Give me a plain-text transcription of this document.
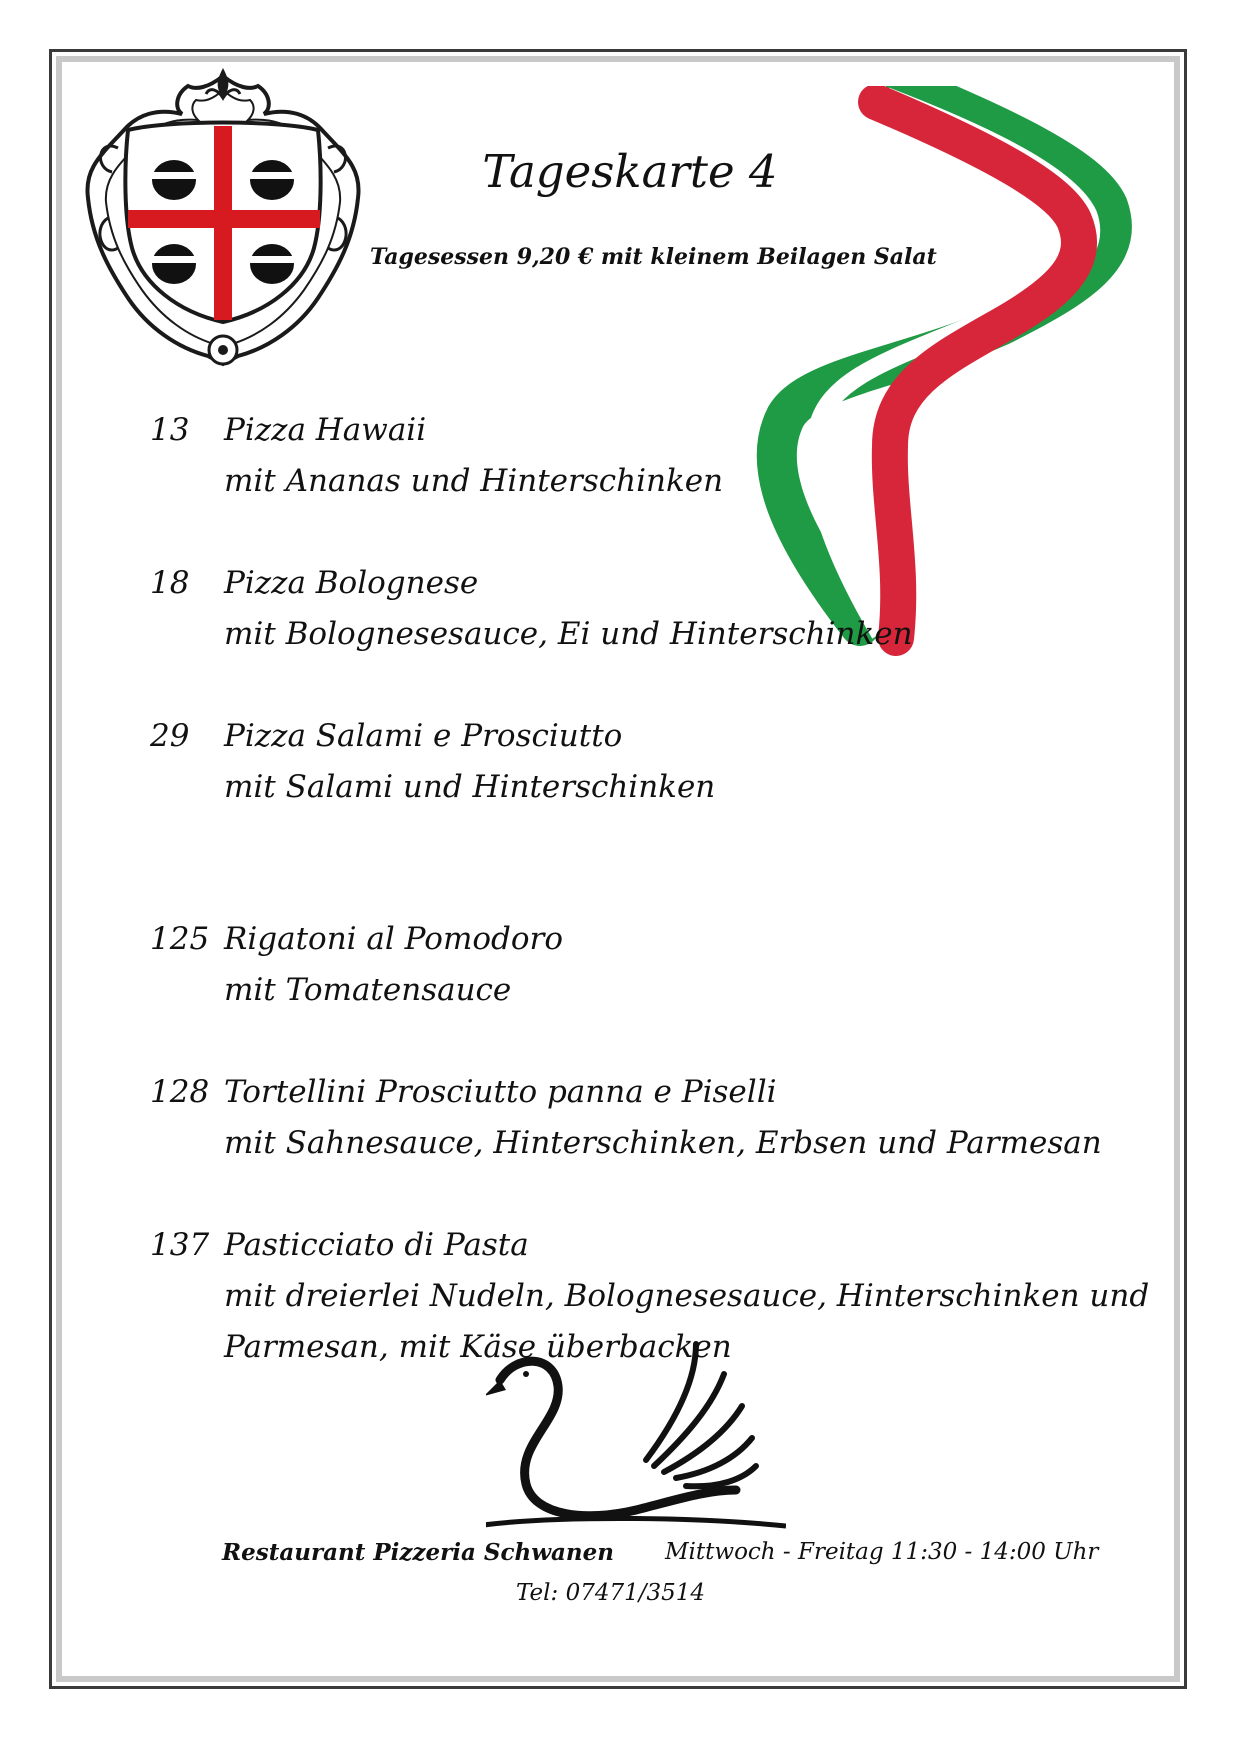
Tageskarte 4
Tagesessen 9,20 € mit kleinem Beilagen Salat
13 Pizza Hawaii
mit Ananas und Hinterschinken
18 Pizza Bolognese
mit Bolognesesauce, Ei und Hinterschinken
29 Pizza Salami e Prosciutto
mit Salami und Hinterschinken
125 Rigatoni al Pomodoro
mit Tomatensauce
128 Tortellini Prosciutto panna e Piselli
mit Sahnesauce, Hinterschinken, Erbsen und Parmesan
137 Pasticciato di Pasta
mit dreierlei Nudeln, Bolognesesauce, Hinterschinken und
Parmesan, mit Käse überbacken
Restaurant Pizzeria Schwanen Mittwoch - Freitag 11:30 - 14:00 Uhr
Tel: 07471/3514
